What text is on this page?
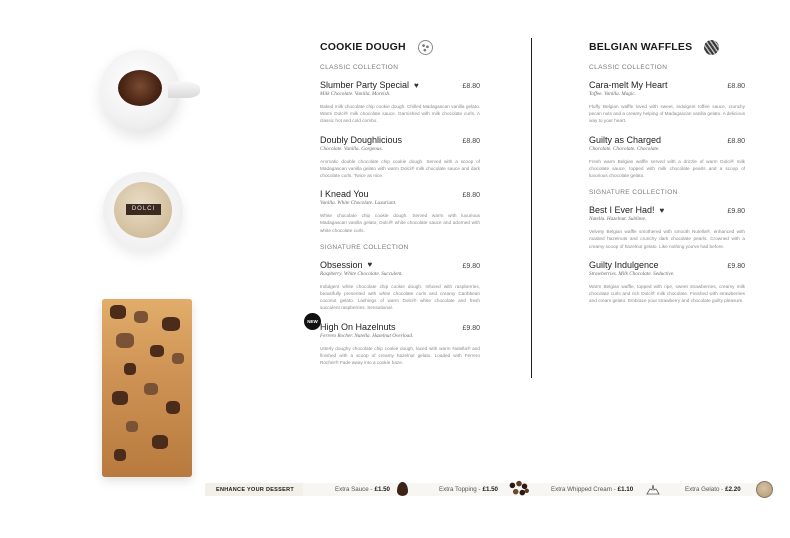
DOLCI
COOKIE DOUGH
CLASSIC COLLECTION
Slumber Party Special ♥	£8.80
Milk Chocolate. Vanilla. Moreish.
Baked milk chocolate chip cookie dough. Chilled Madagascan vanilla gelato. Warm Dolci® milk chocolate sauce. Garnished with milk chocolate curls. A classic hot and cold combo.
Doubly Doughlicious	£8.80
Chocolate. Vanilla. Gorgeous.
Aromatic double chocolate chip cookie dough. Served with a scoop of Madagascan vanilla gelato with warm Dolci® milk chocolate sauce and dark chocolate curls. Twice as nice.
I Knead You	£8.80
Vanilla. White Chocolate. Luxuriant.
White chocolate chip cookie dough. Served warm with luxurious Madagascan vanilla gelato, Dolci® white chocolate sauce and adorned with white chocolate curls.
SIGNATURE COLLECTION
Obsession ♥	£9.80
Raspberry. White Chocolate. Succulent.
Indulgent white chocolate chip cookie dough. Infused with raspberries, beautifully presented with white chocolate curls and creamy Caribbean coconut gelato. Lashings of warm Dolci® white chocolate and fresh succulent raspberries. Sensational.
NEW
High On Hazelnuts	£9.80
Ferrero Rocher. Nutella. Hazelnut Overload.
Utterly doughy chocolate chip cookie dough, laced with warm Nutella® and finished with a scoop of creamy hazelnut gelato. Loaded with Ferrero Rocher® Fade away into a cookie haze.
BELGIAN WAFFLES
CLASSIC COLLECTION
Cara-melt My Heart	£8.80
Toffee. Vanilla. Magic.
Fluffy Belgian waffle loved with sweet, indulgent toffee sauce, crunchy pecan nuts and a creamy helping of Madagascan vanilla gelato. A delicious way to your heart.
Guilty as Charged	£8.80
Chocolate. Chocolate. Chocolate.
Fresh warm Belgian waffle served with a drizzle of warm Dolci® milk chocolate sauce, topped with milk chocolate pearls and a scoop of luxurious chocolate gelato.
SIGNATURE COLLECTION
Best I Ever Had! ♥	£9.80
Nutella. Hazelnut. Sublime.
Velvety Belgian waffle smothered with smooth Nutella®, enhanced with roasted hazelnuts and crunchy dark chocolate pearls. Crowned with a creamy scoop of hazelnut gelato. Like nothing you've had before.
Guilty Indulgence	£9.80
Strawberries. Milk Chocolate. Seductive.
Warm Belgian waffle, topped with ripe, sweet strawberries, creamy milk chocolate curls and rich Dolci® milk chocolate. Finished with strawberries and cream gelato. Embrace your strawberry and chocolate guilty pleasure.
ENHANCE YOUR DESSERT	Extra Sauce - £1.50	Extra Topping - £1.50	Extra Whipped Cream - £1.10	Extra Gelato - £2.20
